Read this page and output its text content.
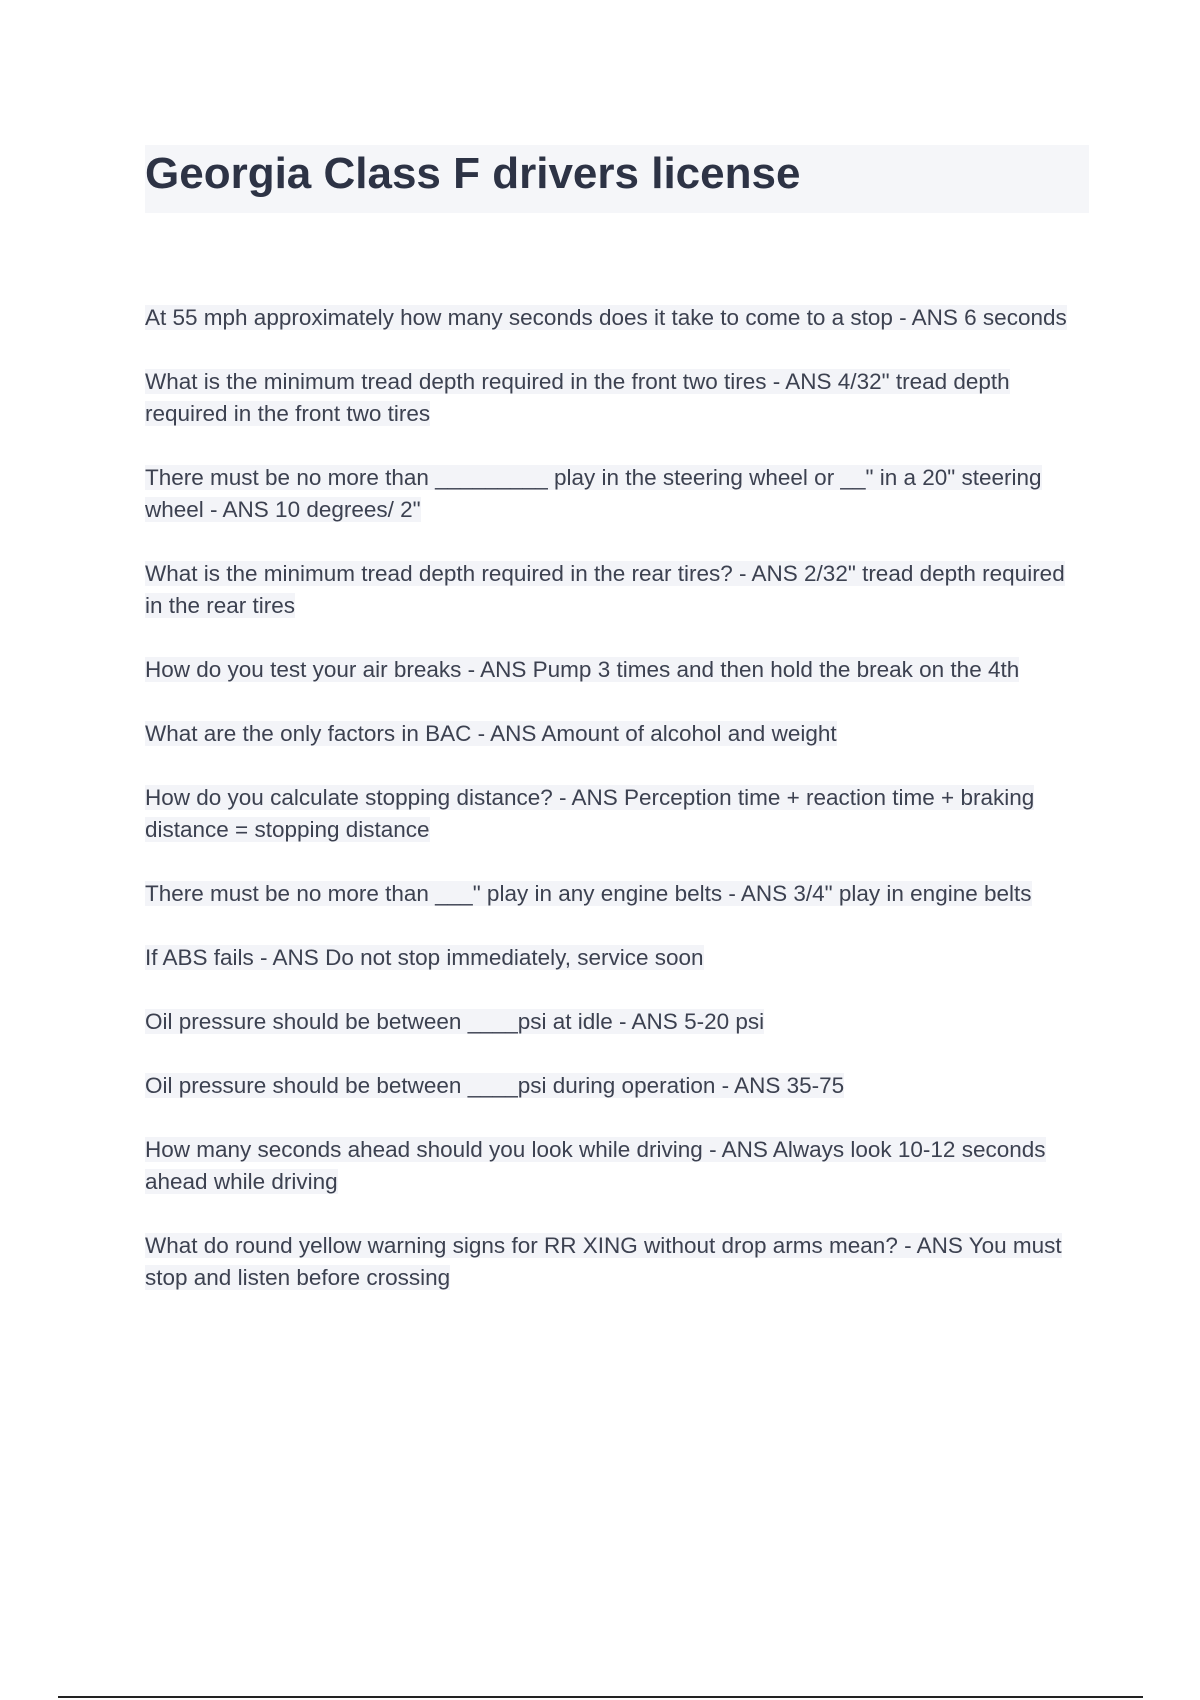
Georgia Class F drivers license

At 55 mph approximately how many seconds does it take to come to a stop - ANS 6 seconds

What is the minimum tread depth required in the front two tires - ANS 4/32" tread depth required in the front two tires

There must be no more than _________ play in the steering wheel or __" in a 20" steering wheel - ANS 10 degrees/ 2"

What is the minimum tread depth required in the rear tires? - ANS 2/32" tread depth required in the rear tires

How do you test your air breaks - ANS Pump 3 times and then hold the break on the 4th

What are the only factors in BAC - ANS Amount of alcohol and weight

How do you calculate stopping distance? - ANS Perception time + reaction time + braking distance = stopping distance

There must be no more than ___" play in any engine belts - ANS 3/4" play in engine belts

If ABS fails - ANS Do not stop immediately, service soon

Oil pressure should be between ____psi at idle - ANS 5-20 psi

Oil pressure should be between ____psi during operation - ANS 35-75

How many seconds ahead should you look while driving - ANS Always look 10-12 seconds ahead while driving

What do round yellow warning signs for RR XING without drop arms mean? - ANS You must stop and listen before crossing
